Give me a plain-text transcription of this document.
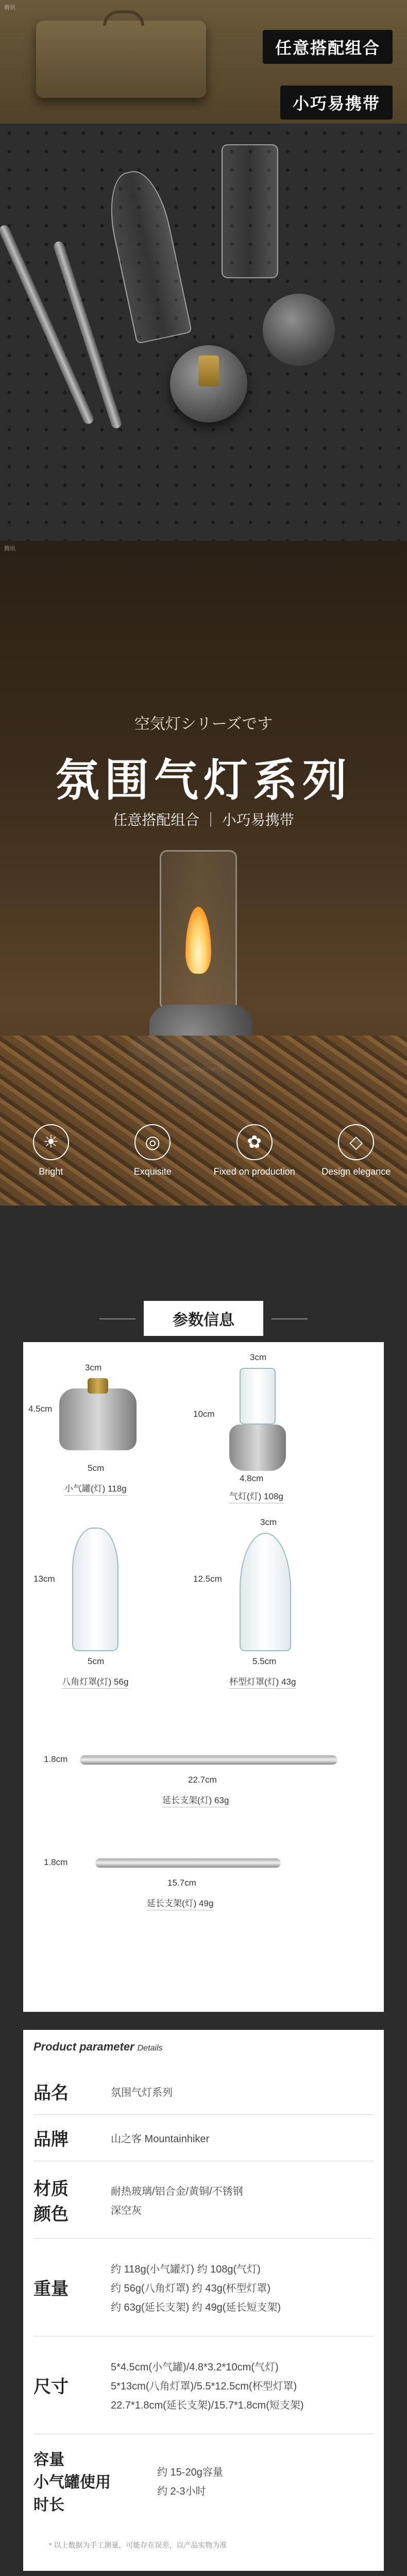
腾讯
任意搭配组合
小巧易携带
腾讯
空気灯シリーズです
氛围气灯系列
任意搭配组合 ｜ 小巧易携带
☀
Bright
◎
Exquisite
✿
Fixed on production
◇
Design elegance
参数信息
3cm
4.5cm
5cm
小气罐(灯) 118g
3cm
10cm
4.8cm
气灯(灯) 108g
13cm
5cm
八角灯罩(灯) 56g
3cm
12.5cm
5.5cm
杯型灯罩(灯) 43g
1.8cm
22.7cm
延长支架(灯) 63g
1.8cm
15.7cm
延长支架(灯) 49g
Product parameter Details
品名	氛围气灯系列
品牌	山之客 Mountainhiker
材质
颜色
耐热玻璃/铝合金/黄铜/不锈钢
深空灰
重量
约 118g(小气罐灯) 约 108g(气灯)
约 56g(八角灯罩) 约 43g(杯型灯罩)
约 63g(延长支架) 约 49g(延长短支架)
尺寸
5*4.5cm(小气罐)/4.8*3.2*10cm(气灯)
5*13cm(八角灯罩)/5.5*12.5cm(杯型灯罩)
22.7*1.8cm(延长支架)/15.7*1.8cm(短支架)
容量
小气罐使用时长
约 15-20g容量
约 2-3小时
* 以上数据为手工测量，可能存在误差，以产品实物为准
